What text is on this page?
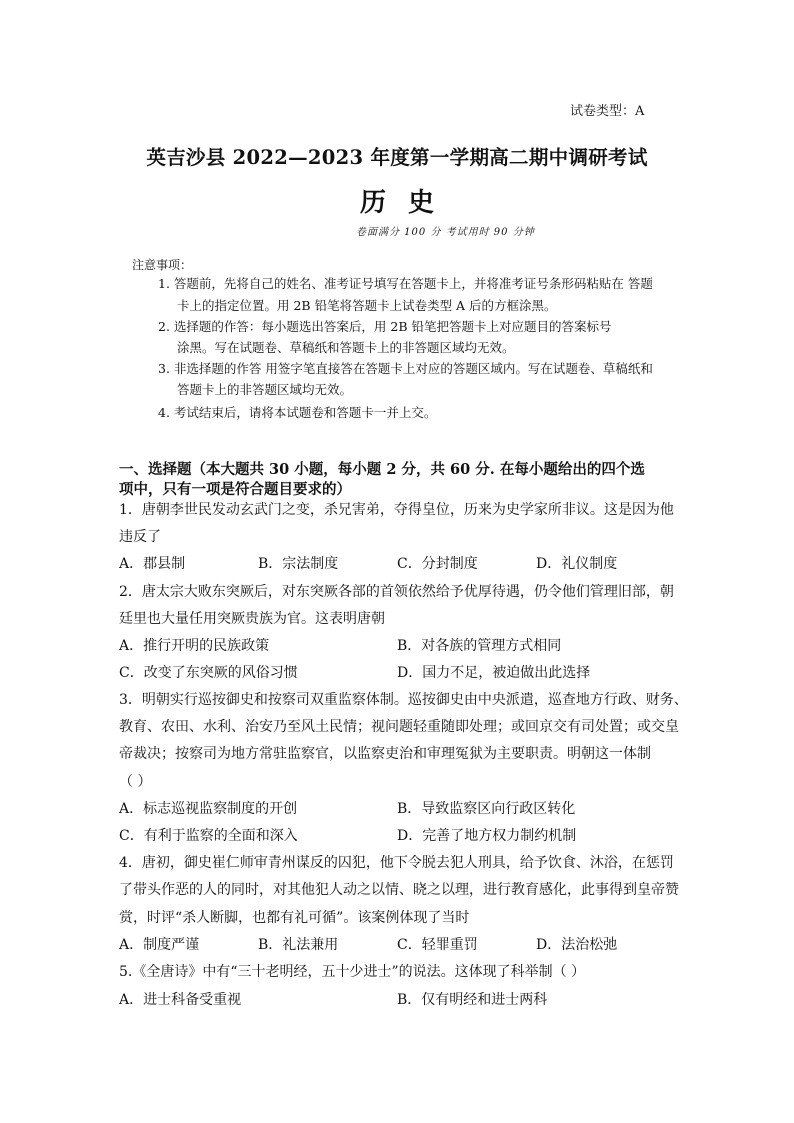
试卷类型：A
英吉沙县 2022—2023 年度第一学期高二期中调研考试
历史
卷面满分 100 分 考试用时 90 分钟
注意事项：
1. 答题前，先将自己的姓名、准考证号填写在答题卡上，并将准考证号条形码粘贴在 答题
卡上的指定位置。用 2B 铅笔将答题卡上试卷类型 A 后的方框涂黑。
2. 选择题的作答：每小题选出答案后，用 2B 铅笔把答题卡上对应题目的答案标号
涂黑。写在试题卷、草稿纸和答题卡上的非答题区域均无效。
3. 非选择题的作答 用签字笔直接答在答题卡上对应的答题区域内。写在试题卷、草稿纸和
答题卡上的非答题区域均无效。
4. 考试结束后，请将本试题卷和答题卡一并上交。
一、选择题（本大题共 30 小题，每小题 2 分，共 60 分. 在每小题给出的四个选
项中，只有一项是符合题目要求的）
1．唐朝李世民发动玄武门之变，杀兄害弟，夺得皇位，历来为史学家所非议。这是因为他
违反了
A．郡县制	B．宗法制度	C．分封制度	D．礼仪制度
2．唐太宗大败东突厥后，对东突厥各部的首领依然给予优厚待遇，仍令他们管理旧部，朝
廷里也大量任用突厥贵族为官。这表明唐朝
A．推行开明的民族政策	B．对各族的管理方式相同
C．改变了东突厥的风俗习惯	D．国力不足，被迫做出此选择
3．明朝实行巡按御史和按察司双重监察体制。巡按御史由中央派遣，巡查地方行政、财务、
教育、农田、水利、治安乃至风土民情；视问题轻重随即处理；或回京交有司处置；或交皇
帝裁决；按察司为地方常驻监察官，以监察吏治和审理冤狱为主要职责。明朝这一体制
（ ）
A．标志巡视监察制度的开创	B．导致监察区向行政区转化
C．有利于监察的全面和深入	D．完善了地方权力制约机制
4．唐初，御史崔仁师审青州谋反的囚犯，他下令脱去犯人刑具，给予饮食、沐浴，在惩罚
了带头作恶的人的同时，对其他犯人动之以情、晓之以理，进行教育感化，此事得到皇帝赞
赏，时评“杀人断脚，也都有礼可循”。该案例体现了当时
A．制度严谨	B．礼法兼用	C．轻罪重罚	D．法治松弛
5.《全唐诗》中有“三十老明经，五十少进士”的说法。这体现了科举制（ ）
A．进士科备受重视	B．仅有明经和进士两科
